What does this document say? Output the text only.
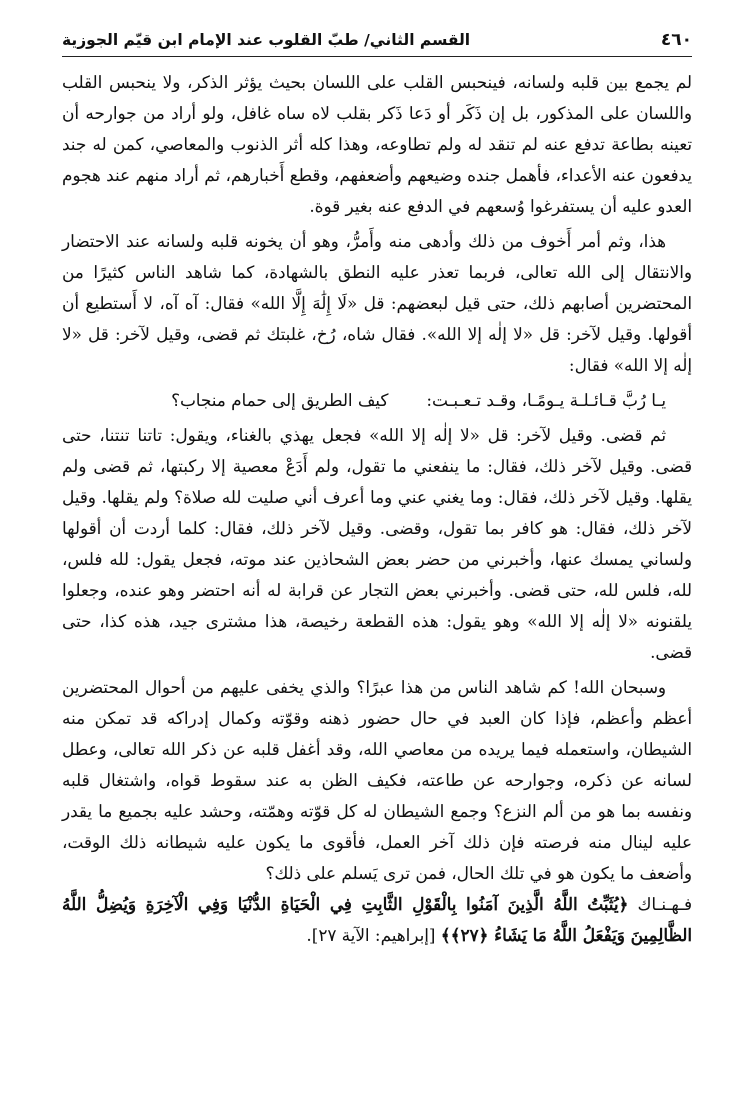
٤٦٠
القسم الثاني/ طبّ القلوب عند الإمام ابن قيّم الجوزية

لم يجمع بين قلبه ولسانه، فينحبس القلب على اللسان بحيث يؤثر الذكر، ولا ينحبس القلب واللسان على المذكور، بل إن ذَكَر أو دَعا ذَكر بقلب لاه ساه غافل، ولو أراد من جوارحه أن تعينه بطاعة تدفع عنه لم تنقد له ولم تطاوعه، وهذا كله أثر الذنوب والمعاصي، كمن له جند يدفعون عنه الأعداء، فأهمل جنده وضيعهم وأضعفهم، وقطع أَخبارهم، ثم أراد منهم عند هجوم العدو عليه أن يستفرغوا وُسعهم في الدفع عنه بغير قوة.

هذا، وثم أمر أَخوف من ذلك وأدهى منه وأَمرُّ، وهو أن يخونه قلبه ولسانه عند الاحتضار والانتقال إلى الله تعالى، فربما تعذر عليه النطق بالشهادة، كما شاهد الناس كثيرًا من المحتضرين أصابهم ذلك، حتى قيل لبعضهم: قل «لَا إِلَٰهَ إِلَّا الله» فقال: آه آه، لا أَستطيع أن أقولها. وقيل لآخر: قل «لا إلٰه إلا الله». فقال شاه، رُخ، غلبتك ثم قضى، وقيل لآخر: قل «لا إلٰه إلا الله» فقال:

يـا رُبَّ قـائـلـة يـومًـا، وقـد تـعـبـت:
كيف الطريق إلى حمام منجاب؟

ثم قضى. وقيل لآخر: قل «لا إلٰه إلا الله» فجعل يهذي بالغناء، ويقول: تاتنا تنتنا، حتى قضى. وقيل لآخر ذلك، فقال: ما ينفعني ما تقول، ولم أَدَعْ معصية إلا ركبتها، ثم قضى ولم يقلها. وقيل لآخر ذلك، فقال: وما يغني عني وما أعرف أني صليت لله صلاة؟ ولم يقلها. وقيل لآخر ذلك، فقال: هو كافر بما تقول، وقضى. وقيل لآخر ذلك، فقال: كلما أردت أن أقولها ولساني يمسك عنها، وأخبرني من حضر بعض الشحاذين عند موته، فجعل يقول: لله فلس، لله، فلس لله، حتى قضى. وأخبرني بعض التجار عن قرابة له أنه احتضر وهو عنده، وجعلوا يلقنونه «لا إلٰه إلا الله» وهو يقول: هذه القطعة رخيصة، هذا مشترى جيد، هذه كذا، حتى قضى.

وسبحان الله! كم شاهد الناس من هذا عبرًا؟ والذي يخفى عليهم من أحوال المحتضرين أعظم وأعظم، فإذا كان العبد في حال حضور ذهنه وقوّته وكمال إدراكه قد تمكن منه الشيطان، واستعمله فيما يريده من معاصي الله، وقد أغفل قلبه عن ذكر الله تعالى، وعطل لسانه عن ذكره، وجوارحه عن طاعته، فكيف الظن به عند سقوط قواه، واشتغال قلبه ونفسه بما هو من ألم النزع؟ وجمع الشيطان له كل قوّته وهمّته، وحشد عليه بجميع ما يقدر عليه لينال منه فرصته فإن ذلك آخر العمل، فأقوى ما يكون عليه شيطانه ذلك الوقت، وأضعف ما يكون هو في تلك الحال، فمن ترى يَسلم على ذلك؟

فـهـنـاك ﴿يُثَبِّتُ اللَّهُ الَّذِينَ آمَنُوا بِالْقَوْلِ الثَّابِتِ فِي الْحَيَاةِ الدُّنْيَا وَفِي الْآخِرَةِ وَيُضِلُّ اللَّهُ الظَّالِمِينَ وَيَفْعَلُ اللَّهُ مَا يَشَاءُ ﴿٢٧﴾﴾ [إبراهيم: الآية ٢٧].
